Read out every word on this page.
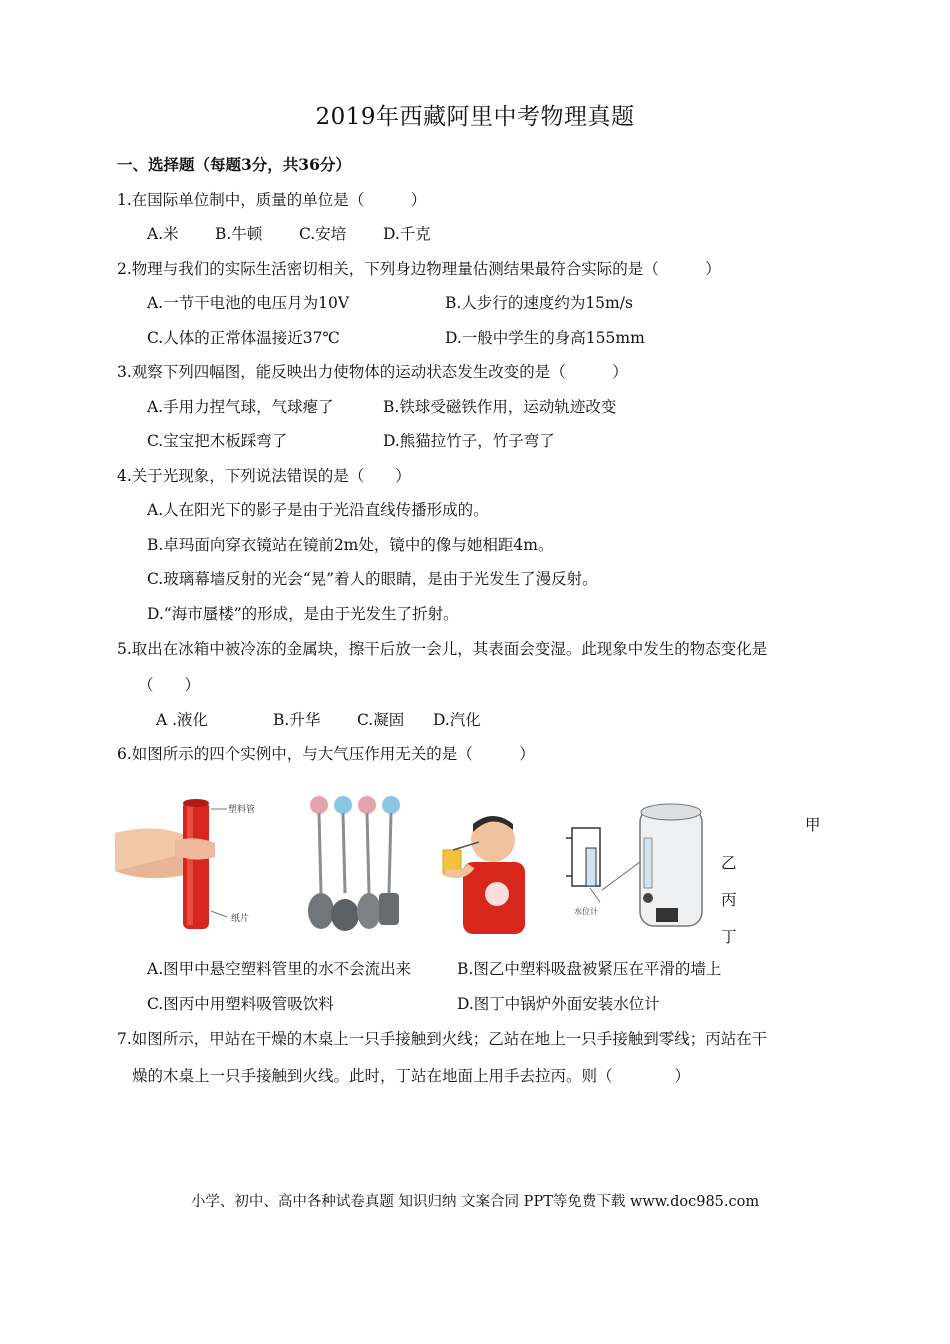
2019年西藏阿里中考物理真题
一、选择题（每题3分，共36分）
1.在国际单位制中，质量的单位是（　　　）
A.米 B.牛顿 C.安培 D.千克
2.物理与我们的实际生活密切相关，下列身边物理量估测结果最符合实际的是（　　　）
A.一节干电池的电压月为10V	B.人步行的速度约为15m/s
C.人体的正常体温接近37℃	D.一般中学生的身高155mm
3.观察下列四幅图，能反映出力使物体的运动状态发生改变的是（　　　）
A.手用力捏气球，气球瘪了	B.铁球受磁铁作用，运动轨迹改变
C.宝宝把木板踩弯了	D.熊猫拉竹子，竹子弯了
4.关于光现象，下列说法错误的是（　　）
A.人在阳光下的影子是由于光沿直线传播形成的。
B.卓玛面向穿衣镜站在镜前2m处，镜中的像与她相距4m。
C.玻璃幕墙反射的光会“晃”着人的眼睛，是由于光发生了漫反射。
D.“海市蜃楼”的形成，是由于光发生了折射。
5.取出在冰箱中被冷冻的金属块，擦干后放一会儿，其表面会变湿。此现象中发生的物态变化是
（　　）
A .液化	B.升华 C.凝固 D.汽化
6.如图所示的四个实例中，与大气压作用无关的是（　　　）
塑料管
纸片
水位计
甲
乙
丙
丁
A.图甲中悬空塑料管里的水不会流出来	B.图乙中塑料吸盘被紧压在平滑的墙上
C.图丙中用塑料吸管吸饮料	D.图丁中锅炉外面安装水位计
7.如图所示，甲站在干燥的木桌上一只手接触到火线；乙站在地上一只手接触到零线；丙站在干
燥的木桌上一只手接触到火线。此时，丁站在地面上用手去拉丙。则（　　　　）
小学、初中、高中各种试卷真题 知识归纳 文案合同 PPT等免费下载 www.doc985.com
